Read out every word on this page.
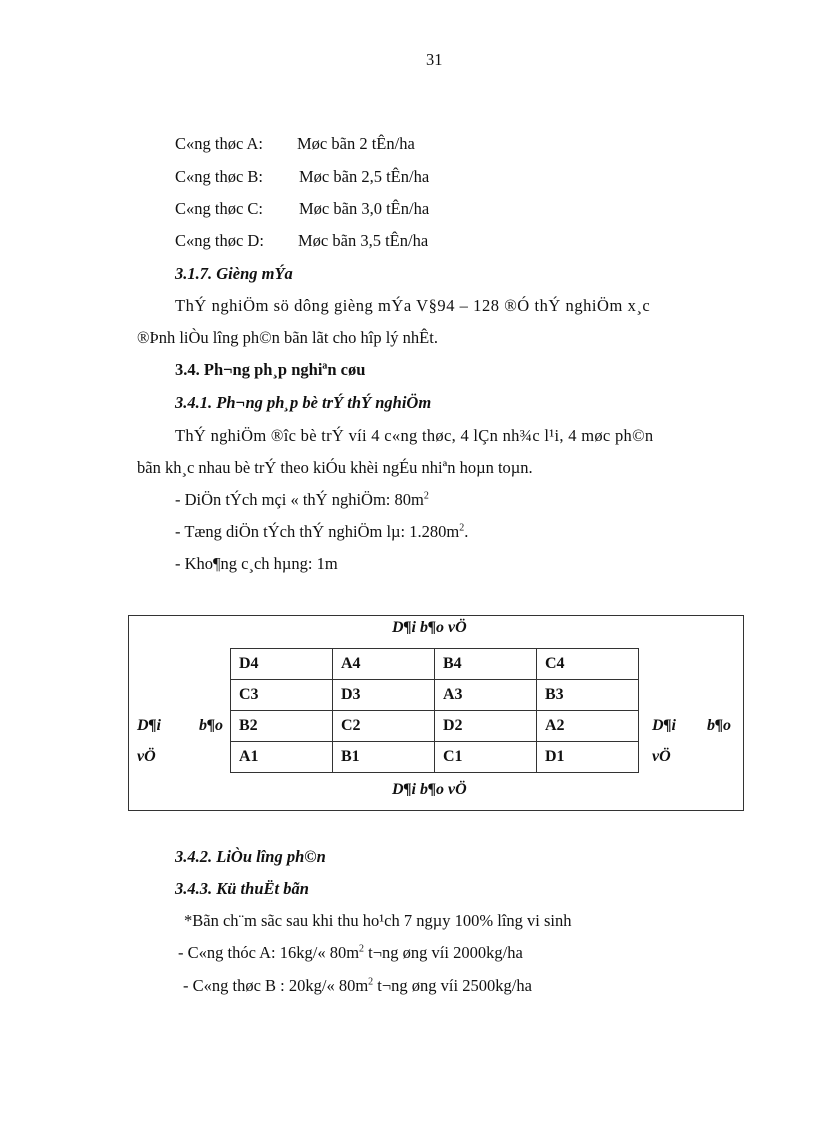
31
C«ng thøc A: Møc bãn 2 tÊn/ha
C«ng thøc B: Møc bãn 2,5 tÊn/ha
C«ng thøc C: Møc bãn 3,0 tÊn/ha
C«ng thøc D: Møc bãn 3,5 tÊn/ha
3.1.7. Gièng mÝa
ThÝ nghiÖm sö dông gièng mÝa V§94 – 128 ®Ó thÝ nghiÖm x¸c
®Þnh liÒu lîng ph©n bãn lãt cho hîp lý nhÊt.
3.4. Ph¬ng ph¸p nghiªn cøu
3.4.1. Ph¬ng ph¸p bè trÝ thÝ nghiÖm
ThÝ nghiÖm ®îc bè trÝ víi 4 c«ng thøc, 4 lÇn nh¾c l¹i, 4 møc ph©n
bãn kh¸c nhau bè trÝ theo kiÓu khèi ngÉu nhiªn hoµn toµn.
- DiÖn tÝch mçi « thÝ nghiÖm: $80m^2$
- Tæng diÖn tÝch thÝ nghiÖm lµ: $1.280m^2$.
- Kho¶ng c¸ch hµng: 1m
D¶i b¶o vÖ
D¶i b¶o vÖ
D¶i b¶o
vÖ
D¶i b¶o
vÖ
D4	A4	B4	C4
C3	D3	A3	B3
B2	C2	D2	A2
A1	B1	C1	D1
3.4.2. LiÒu lîng ph©n
3.4.3. Kü thuËt bãn
*Bãn ch¨m sãc sau khi thu ho¹ch 7 ngµy 100% lîng vi sinh
- C«ng thóc A: 16kg/« $80m^2$ t¬ng øng víi 2000kg/ha
- C«ng thøc B : 20kg/« $80m^2$ t¬ng øng víi 2500kg/ha
